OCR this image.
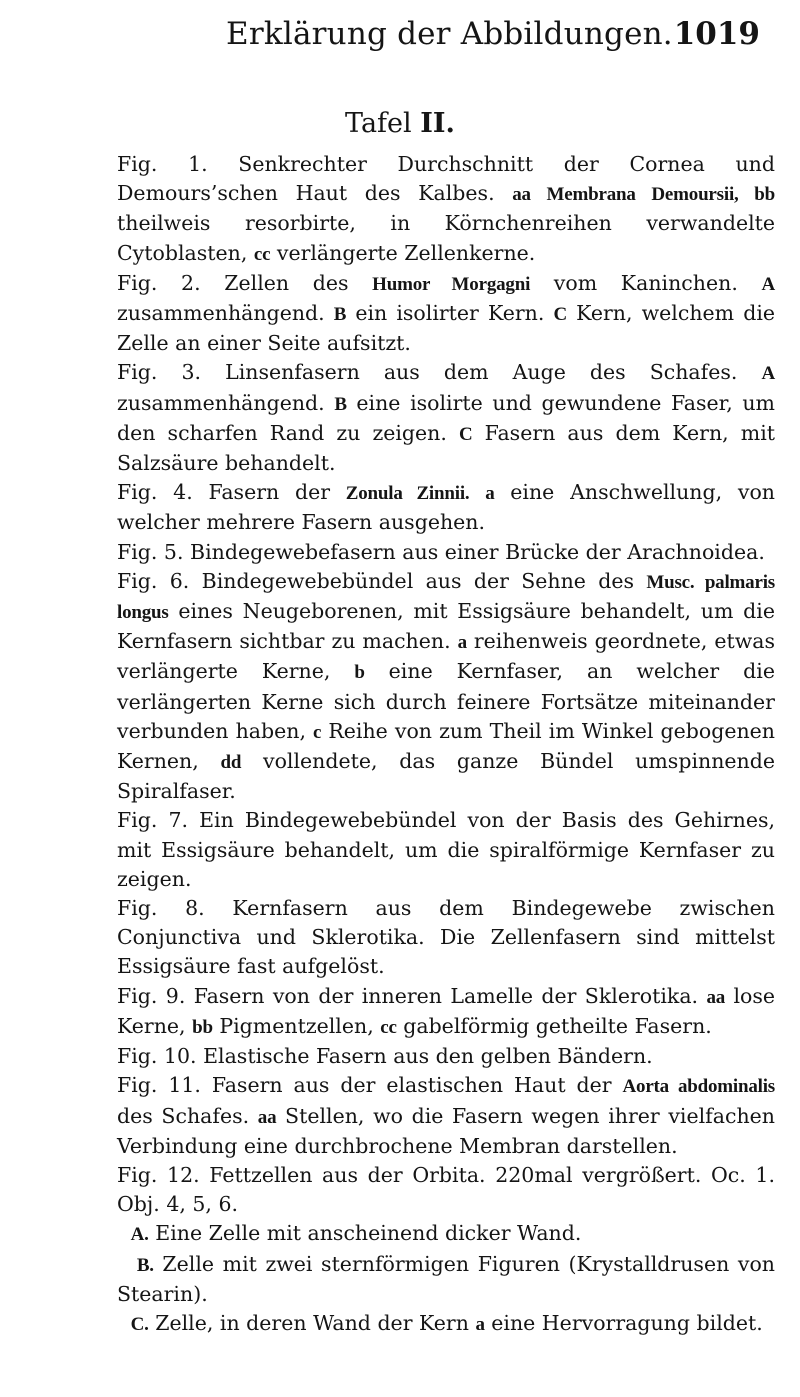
Erklärung der Abbildungen. 1019
Tafel II.

Fig. 1. Senkrechter Durchschnitt der Cornea und Demours’schen Haut des Kalbes. aa Membrana Demoursii, bb theilweis resorbirte, in Körnchenreihen verwandelte Cytoblasten, cc verlängerte Zellenkerne.

Fig. 2. Zellen des Humor Morgagni vom Kaninchen. A zusammenhängend. B ein isolirter Kern. C Kern, welchem die Zelle an einer Seite aufsitzt.

Fig. 3. Linsenfasern aus dem Auge des Schafes. A zusammenhängend. B eine isolirte und gewundene Faser, um den scharfen Rand zu zeigen. C Fasern aus dem Kern, mit Salzsäure behandelt.

Fig. 4. Fasern der Zonula Zinnii. a eine Anschwellung, von welcher mehrere Fasern ausgehen.

Fig. 5. Bindegewebefasern aus einer Brücke der Arachnoidea.

Fig. 6. Bindegewebebündel aus der Sehne des Musc. palmaris longus eines Neugeborenen, mit Essigsäure behandelt, um die Kernfasern sichtbar zu machen. a reihenweis geordnete, etwas verlängerte Kerne, b eine Kernfaser, an welcher die verlängerten Kerne sich durch feinere Fortsätze miteinander verbunden haben, c Reihe von zum Theil im Winkel gebogenen Kernen, dd vollendete, das ganze Bündel umspinnende Spiralfaser.

Fig. 7. Ein Bindegewebebündel von der Basis des Gehirnes, mit Essigsäure behandelt, um die spiralförmige Kernfaser zu zeigen.

Fig. 8. Kernfasern aus dem Bindegewebe zwischen Conjunctiva und Sklerotika. Die Zellenfasern sind mittelst Essigsäure fast aufgelöst.

Fig. 9. Fasern von der inneren Lamelle der Sklerotika. aa lose Kerne, bb Pigmentzellen, cc gabelförmig getheilte Fasern.

Fig. 10. Elastische Fasern aus den gelben Bändern.

Fig. 11. Fasern aus der elastischen Haut der Aorta abdominalis des Schafes. aa Stellen, wo die Fasern wegen ihrer vielfachen Verbindung eine durchbrochene Membran darstellen.

Fig. 12. Fettzellen aus der Orbita. 220mal vergrößert. Oc. 1. Obj. 4, 5, 6.

A. Eine Zelle mit anscheinend dicker Wand.

B. Zelle mit zwei sternförmigen Figuren (Krystalldrusen von Stearin).

C. Zelle, in deren Wand der Kern a eine Hervorragung bildet.
